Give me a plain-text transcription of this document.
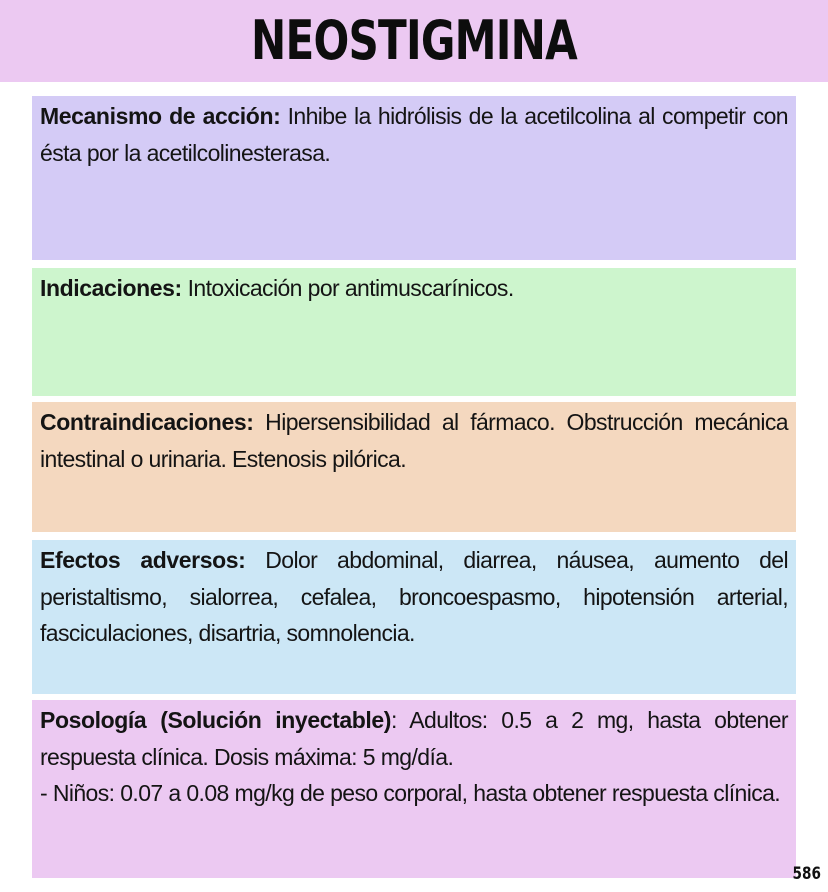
NEOSTIGMINA
Mecanismo de acción: Inhibe la hidrólisis de la acetilcolina al competir con ésta por la acetilcolinesterasa.
Indicaciones: Intoxicación por antimuscarínicos.
Contraindicaciones: Hipersensibilidad al fármaco. Obstrucción mecánica intestinal o urinaria. Estenosis pilórica.
Efectos adversos: Dolor abdominal, diarrea, náusea, aumento del peristaltismo, sialorrea, cefalea, broncoespasmo, hipotensión arterial, fasciculaciones, disartria, somnolencia.
Posología (Solución inyectable): Adultos: 0.5 a 2 mg, hasta obtener respuesta clínica. Dosis máxima: 5 mg/día.
- Niños: 0.07 a 0.08 mg/kg de peso corporal, hasta obtener respuesta clínica.
586
